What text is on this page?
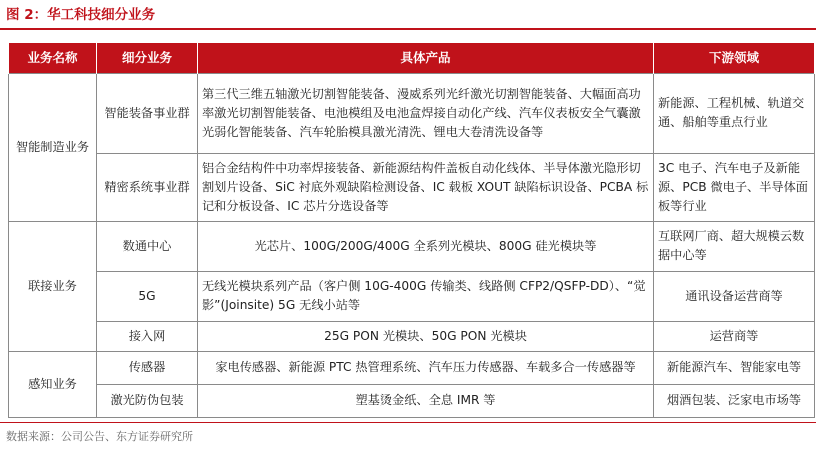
图 2：华工科技细分业务
业务名称	细分业务	具体产品	下游领域
智能制造业务	智能装备事业群	第三代三维五轴激光切割智能装备、漫威系列光纤激光切割智能装备、大幅面高功率激光切割智能装备、电池模组及电池盒焊接自动化产线、汽车仪表板安全气囊激光弱化智能装备、汽车轮胎模具激光清洗、锂电大卷清洗设备等	新能源、工程机械、轨道交通、船舶等重点行业
	精密系统事业群	铝合金结构件中功率焊接装备、新能源结构件盖板自动化线体、半导体激光隐形切割划片设备、SiC 衬底外观缺陷检测设备、IC 载板 XOUT 缺陷标识设备、PCBA 标记和分板设备、IC 芯片分选设备等	3C 电子、汽车电子及新能源、PCB 微电子、半导体面板等行业
联接业务	数通中心	光芯片、100G/200G/400G 全系列光模块、800G 硅光模块等	互联网厂商、超大规模云数据中心等
	5G	无线光模块系列产品（客户侧 10G-400G 传输类、线路侧 CFP2/QSFP-DD）、“觉影”(Joinsite) 5G 无线小站等	通讯设备运营商等
	接入网	25G PON 光模块、50G PON 光模块	运营商等
感知业务	传感器	家电传感器、新能源 PTC 热管理系统、汽车压力传感器、车载多合一传感器等	新能源汽车、智能家电等
	激光防伪包装	塑基烫金纸、全息 IMR 等	烟酒包装、泛家电市场等
数据来源：公司公告、东方证券研究所
